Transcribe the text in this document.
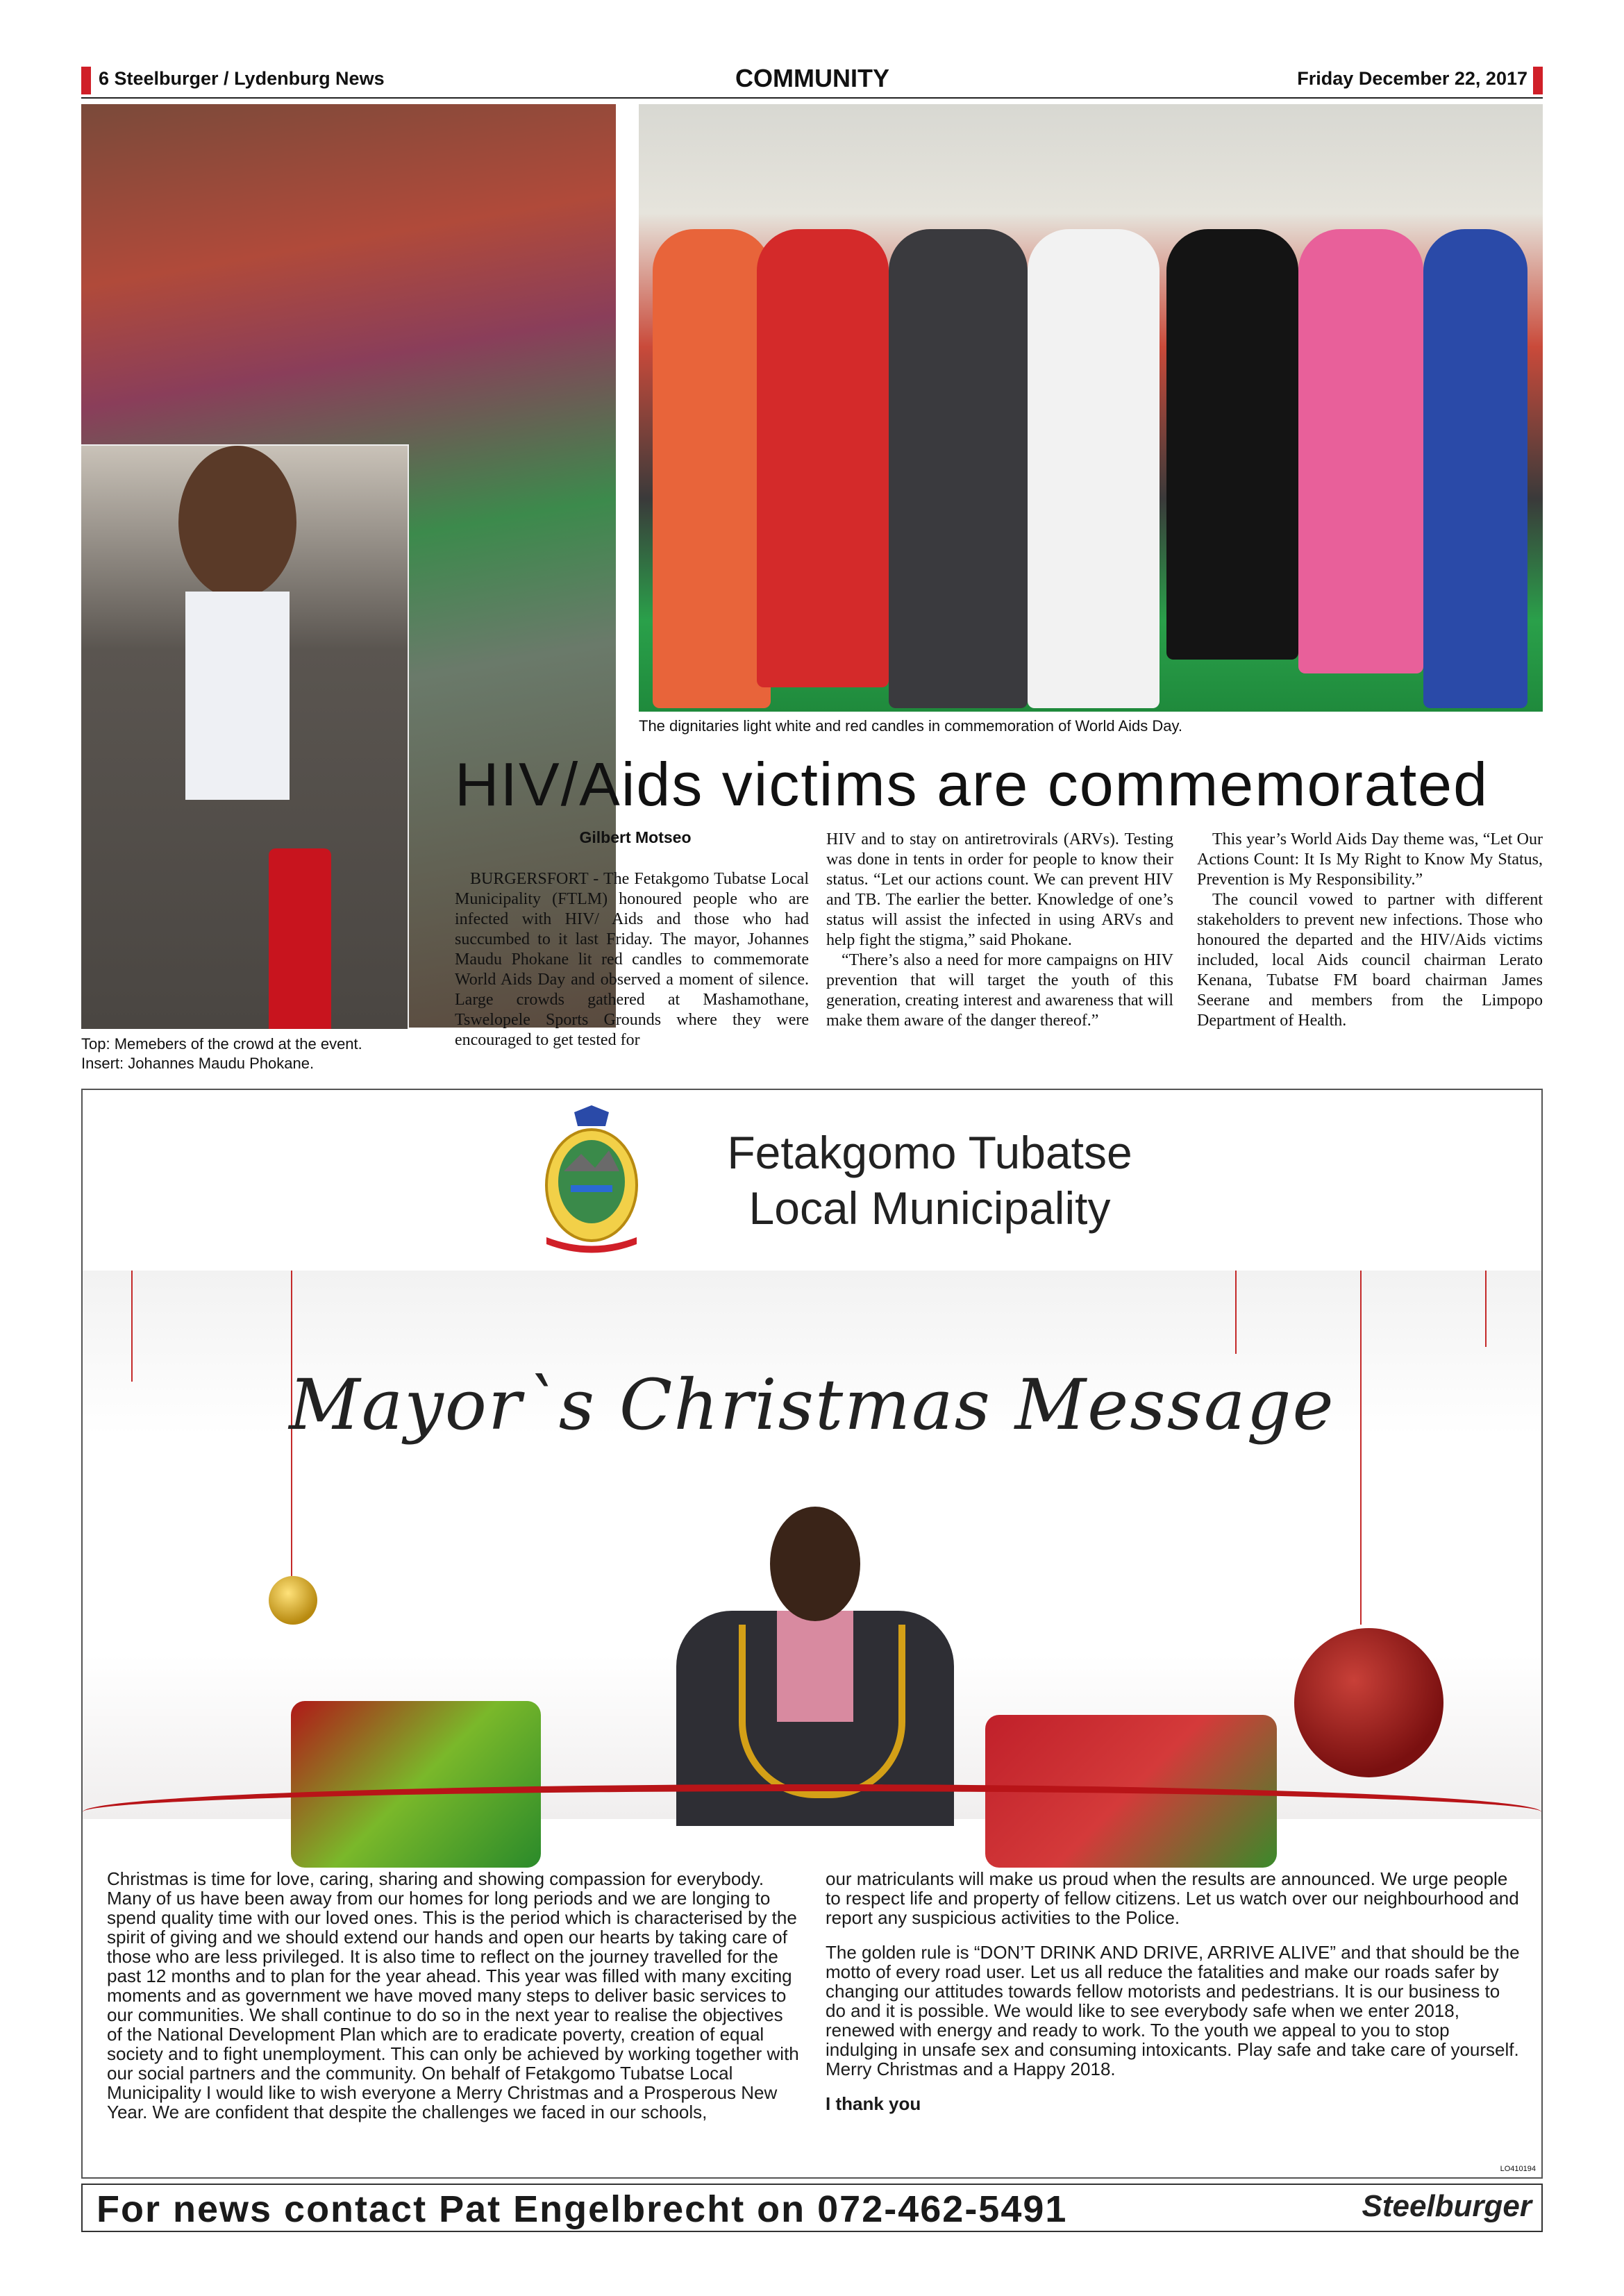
6 Steelburger / Lydenburg News	COMMUNITY	Friday December 22, 2017
The dignitaries light white and red candles in commemoration of World Aids Day.
Top: Memebers of the crowd at the event.
Insert: Johannes Maudu Phokane.
HIV/Aids victims are commemorated
Gilbert Motseo

BURGERSFORT - The Fetakgomo Tubatse Local Municipality (FTLM) honoured people who are infected with HIV/ Aids and those who had succumbed to it last Friday. The mayor, Johannes Maudu Phokane lit red candles to commemorate World Aids Day and observed a moment of silence. Large crowds gathered at Mashamothane, Tswelopele Sports Grounds where they were encouraged to get tested for

HIV and to stay on antiretrovirals (ARVs). Testing was done in tents in order for people to know their status. “Let our actions count. We can prevent HIV and TB. The earlier the better. Knowledge of one’s status will assist the infected in using ARVs and help fight the stigma,” said Phokane.

“There’s also a need for more campaigns on HIV prevention that will target the youth of this generation, creating interest and awareness that will make them aware of the danger thereof.”

This year’s World Aids Day theme was, “Let Our Actions Count: It Is My Right to Know My Status, Prevention is My Responsibility.”

The council vowed to partner with different stakeholders to prevent new infections. Those who honoured the departed and the HIV/Aids victims included, local Aids council chairman Lerato Kenana, Tubatse FM board chairman James Seerane and members from the Limpopo Department of Health.

Fetakgomo Tubatse
Local Municipality
Mayor`s Christmas Message

Christmas is time for love, caring, sharing and showing compassion for everybody. Many of us have been away from our homes for long periods and we are longing to spend quality time with our loved ones. This is the period which is characterised by the spirit of giving and we should extend our hands and open our hearts by taking care of those who are less privileged. It is also time to reflect on the journey travelled for the past 12 months and to plan for the year ahead. This year was filled with many exciting moments and as government we have moved many steps to deliver basic services to our communities. We shall continue to do so in the next year to realise the objectives of the National Development Plan which are to eradicate poverty, creation of equal society and to fight unemployment. This can only be achieved by working together with our social partners and the community. On behalf of Fetakgomo Tubatse Local Municipality I would like to wish everyone a Merry Christmas and a Prosperous New Year. We are confident that despite the challenges we faced in our schools,

our matriculants will make us proud when the results are announced. We urge people to respect life and property of fellow citizens. Let us watch over our neighbourhood and report any suspicious activities to the Police.

The golden rule is “DON’T DRINK AND DRIVE, ARRIVE ALIVE” and that should be the motto of every road user. Let us all reduce the fatalities and make our roads safer by changing our attitudes towards fellow motorists and pedestrians. It is our business to do and it is possible. We would like to see everybody safe when we enter 2018, renewed with energy and ready to work. To the youth we appeal to you to stop indulging in unsafe sex and consuming intoxicants. Play safe and take care of yourself. Merry Christmas and a Happy 2018.

I thank you

LO410194
For news contact Pat Engelbrecht on 072-462-5491	Steelburger
